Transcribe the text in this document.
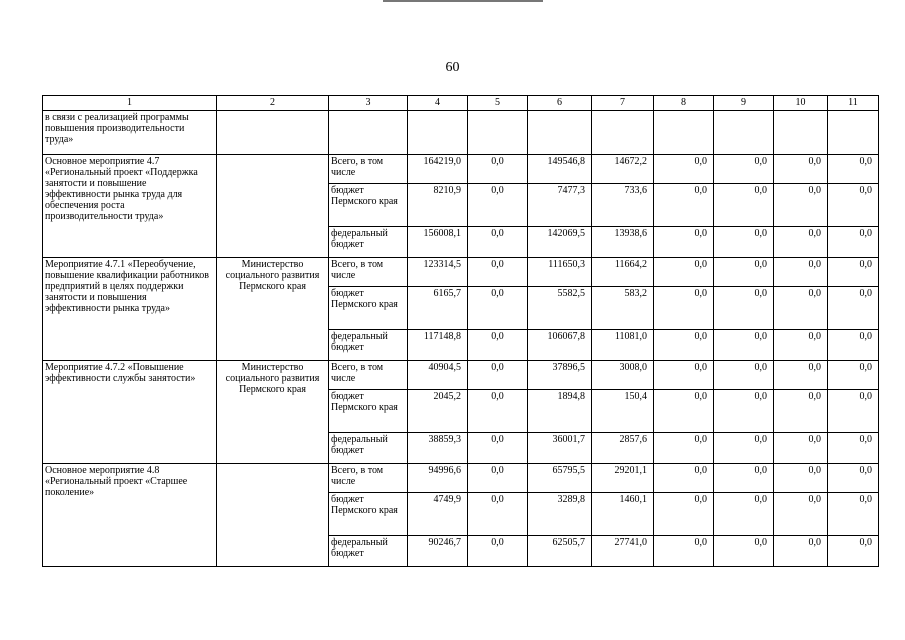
60
1	2	3	4	5	6	7	8	9	10	11
в связи с реализацией программы повышения производительности труда»										
Основное мероприятие 4.7 «Региональный проект «Поддержка занятости и повышение эффективности рынка труда для обеспечения роста производительности труда»		Всего, в том числе	164219,0	0,0	149546,8	14672,2	0,0	0,0	0,0	0,0
		бюджет Пермского края	8210,9	0,0	7477,3	733,6	0,0	0,0	0,0	0,0
		федеральный бюджет	156008,1	0,0	142069,5	13938,6	0,0	0,0	0,0	0,0
Мероприятие 4.7.1 «Переобучение, повышение квалификации работников предприятий в целях поддержки занятости и повышения эффективности рынка труда»	Министерство социального развития Пермского края	Всего, в том числе	123314,5	0,0	111650,3	11664,2	0,0	0,0	0,0	0,0
		бюджет Пермского края	6165,7	0,0	5582,5	583,2	0,0	0,0	0,0	0,0
		федеральный бюджет	117148,8	0,0	106067,8	11081,0	0,0	0,0	0,0	0,0
Мероприятие 4.7.2 «Повышение эффективности службы занятости»	Министерство социального развития Пермского края	Всего, в том числе	40904,5	0,0	37896,5	3008,0	0,0	0,0	0,0	0,0
		бюджет Пермского края	2045,2	0,0	1894,8	150,4	0,0	0,0	0,0	0,0
		федеральный бюджет	38859,3	0,0	36001,7	2857,6	0,0	0,0	0,0	0,0
Основное мероприятие 4.8 «Региональный проект «Старшее поколение»		Всего, в том числе	94996,6	0,0	65795,5	29201,1	0,0	0,0	0,0	0,0
		бюджет Пермского края	4749,9	0,0	3289,8	1460,1	0,0	0,0	0,0	0,0
		федеральный бюджет	90246,7	0,0	62505,7	27741,0	0,0	0,0	0,0	0,0
